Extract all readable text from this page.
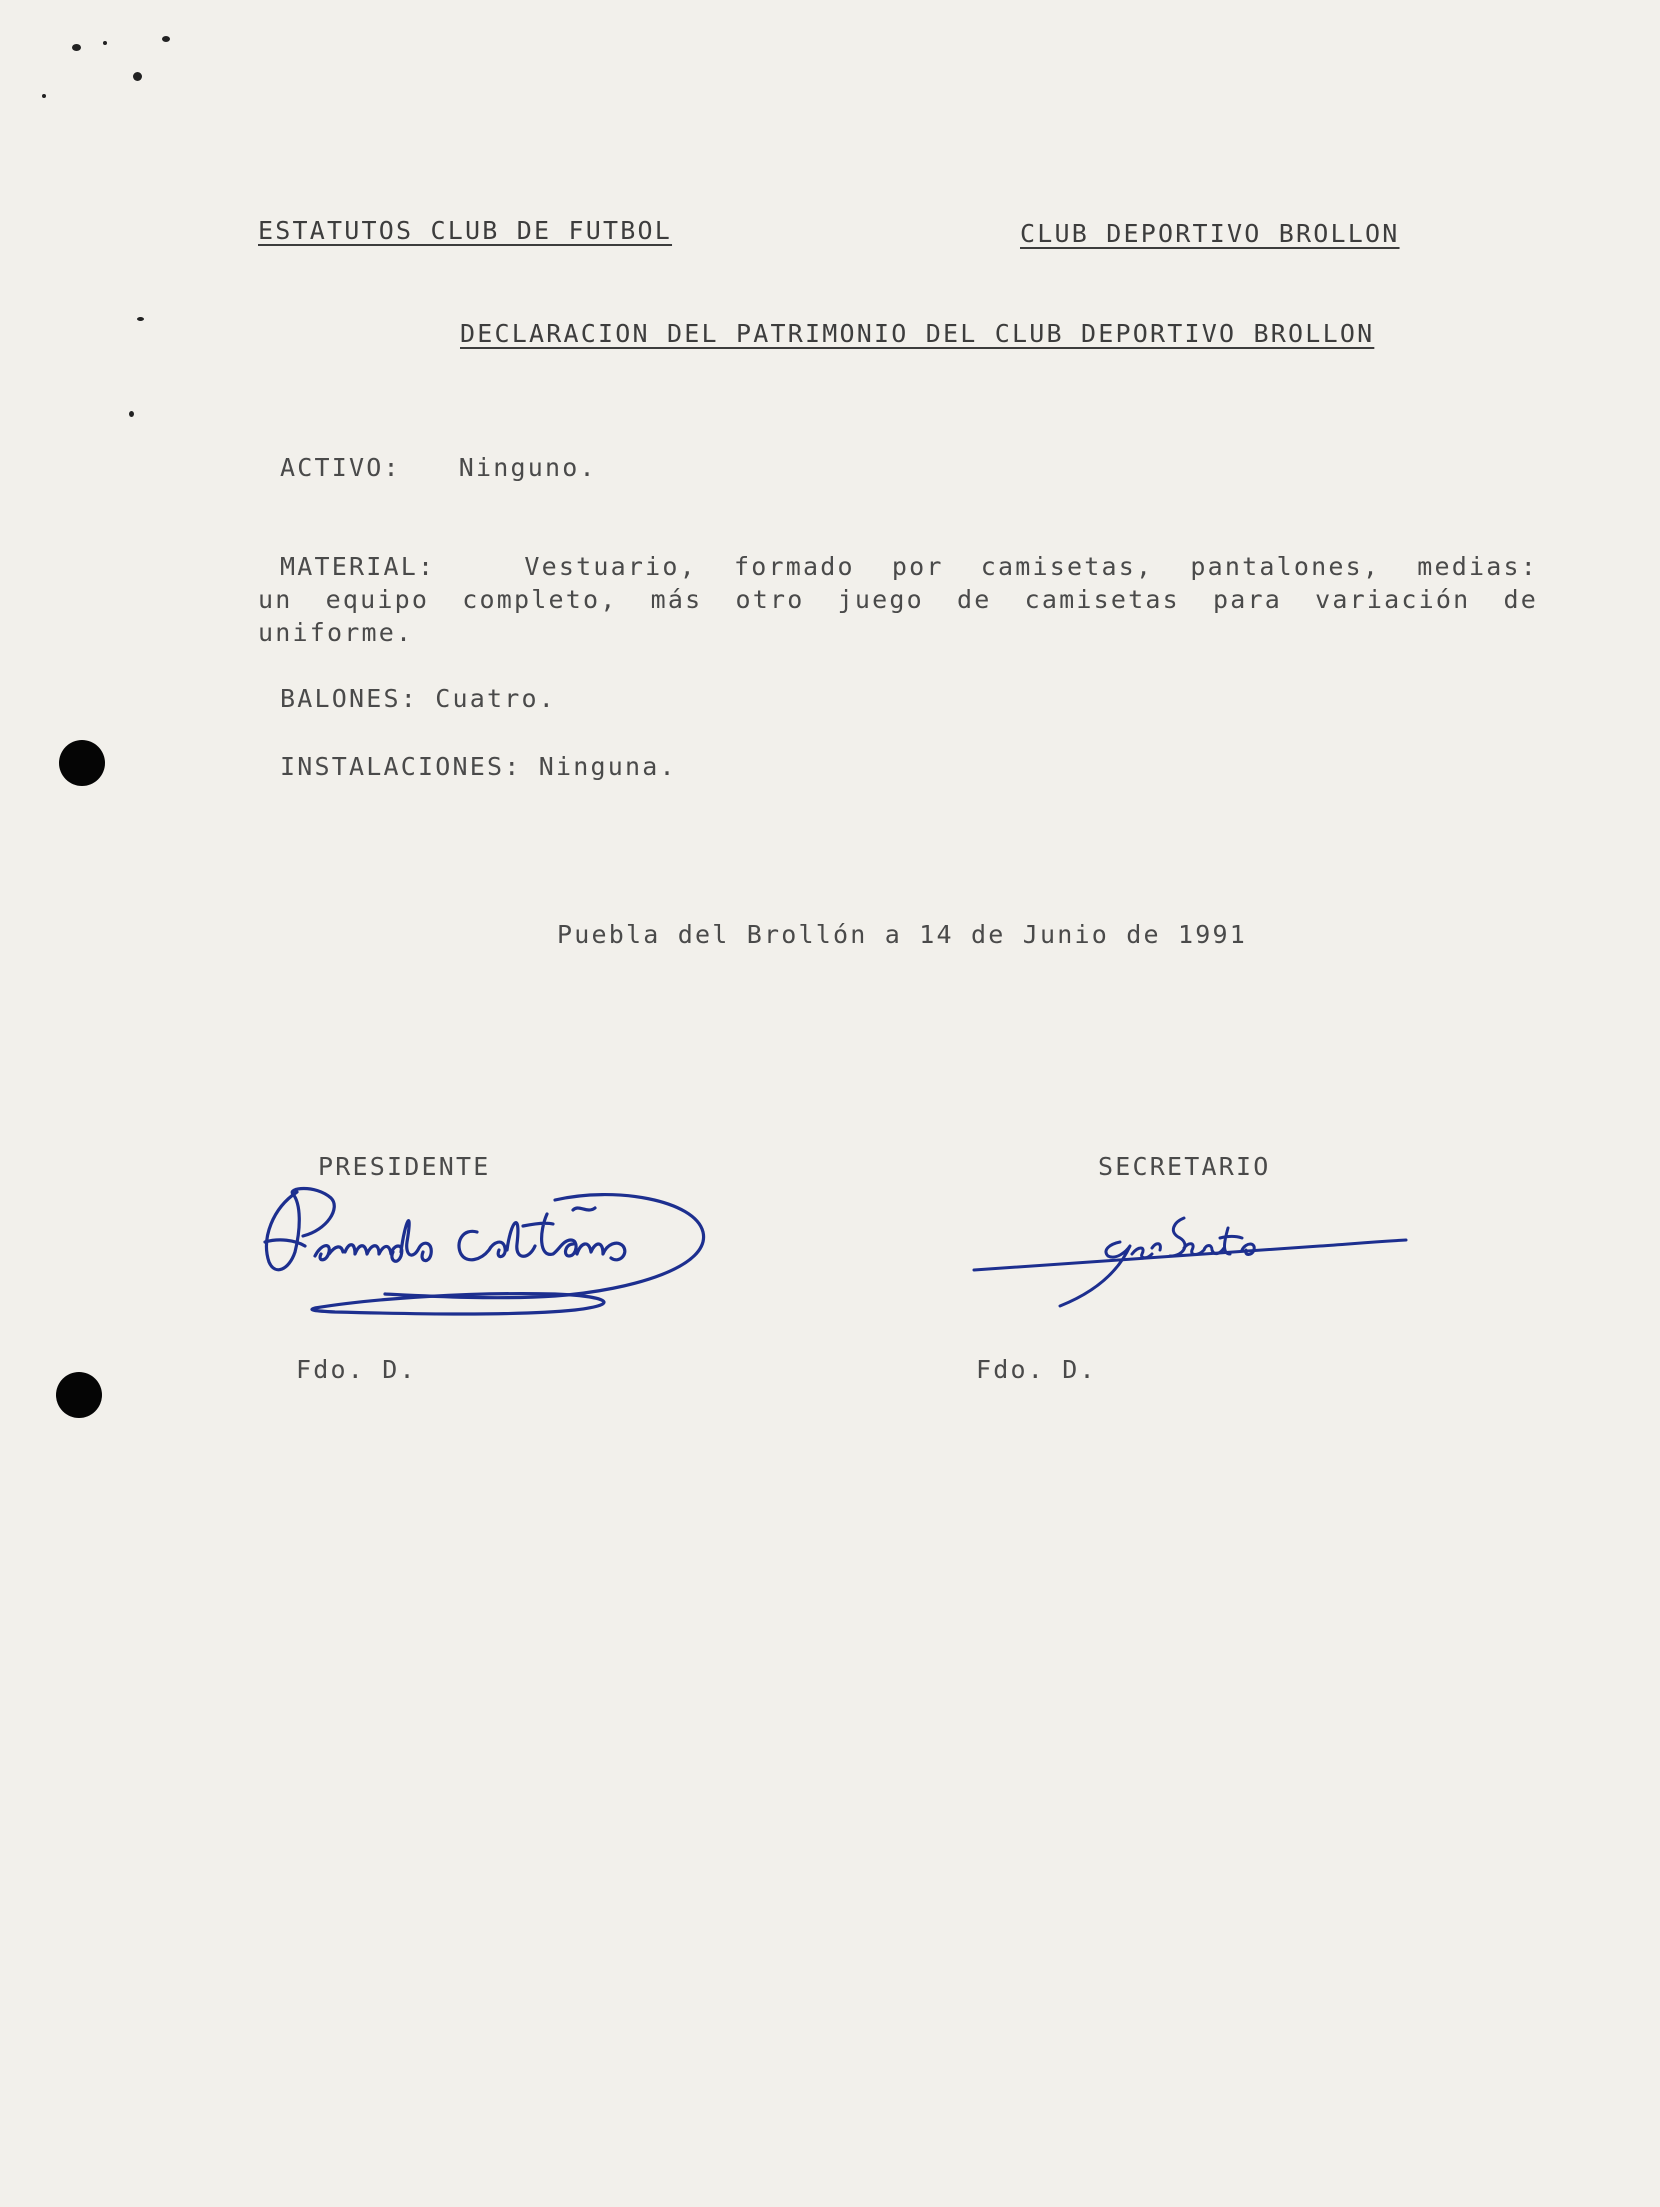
ESTATUTOS CLUB DE FUTBOL	CLUB DEPORTIVO BROLLON
DECLARACION DEL PATRIMONIO DEL CLUB DEPORTIVO BROLLON
ACTIVO: Ninguno.
MATERIAL:	Vestuario, formado por camisetas, pantalones, medias: un equipo completo, más otro juego de camisetas para variación de uniforme.
BALONES: Cuatro.
INSTALACIONES: Ninguna.
Puebla del Brollón a 14 de Junio de 1991
PRESIDENTE	SECRETARIO
Fdo. D.	Fdo. D.
